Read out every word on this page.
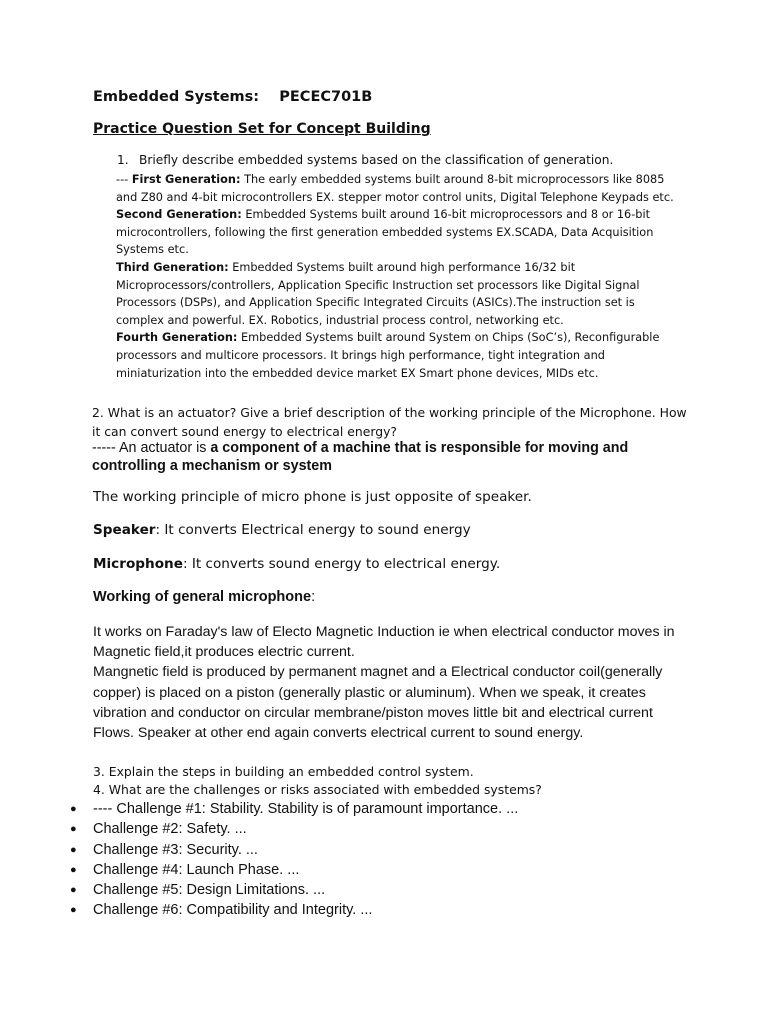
Embedded Systems:    PECEC701B
Practice Question Set for Concept Building
1. Briefly describe embedded systems based on the classification of generation.
--- First Generation: The early embedded systems built around 8-bit microprocessors like 8085 and Z80 and 4-bit microcontrollers EX. stepper motor control units, Digital Telephone Keypads etc.
Second Generation: Embedded Systems built around 16-bit microprocessors and 8 or 16-bit microcontrollers, following the first generation embedded systems EX.SCADA, Data Acquisition Systems etc.
Third Generation: Embedded Systems built around high performance 16/32 bit Microprocessors/controllers, Application Specific Instruction set processors like Digital Signal Processors (DSPs), and Application Specific Integrated Circuits (ASICs).The instruction set is complex and powerful. EX. Robotics, industrial process control, networking etc.
Fourth Generation: Embedded Systems built around System on Chips (SoC’s), Reconfigurable processors and multicore processors. It brings high performance, tight integration and miniaturization into the embedded device market EX Smart phone devices, MIDs etc.
2. What is an actuator? Give a brief description of the working principle of the Microphone. How it can convert sound energy to electrical energy?
----- An actuator is a component of a machine that is responsible for moving and controlling a mechanism or system
The working principle of micro phone is just opposite of speaker.
Speaker: It converts Electrical energy to sound energy
Microphone: It converts sound energy to electrical energy.
Working of general microphone:
It works on Faraday's law of Electo Magnetic Induction ie when electrical conductor moves in Magnetic field,it produces electric current.
Mangnetic field is produced by permanent magnet and a Electrical conductor coil(generally copper) is placed on a piston (generally plastic or aluminum). When we speak, it creates vibration and conductor on circular membrane/piston moves little bit and electrical current Flows. Speaker at other end again converts electrical current to sound energy.
3. Explain the steps in building an embedded control system.
4. What are the challenges or risks associated with embedded systems?
● ---- Challenge #1: Stability. Stability is of paramount importance. ...
● Challenge #2: Safety. ...
● Challenge #3: Security. ...
● Challenge #4: Launch Phase. ...
● Challenge #5: Design Limitations. ...
● Challenge #6: Compatibility and Integrity. ...
